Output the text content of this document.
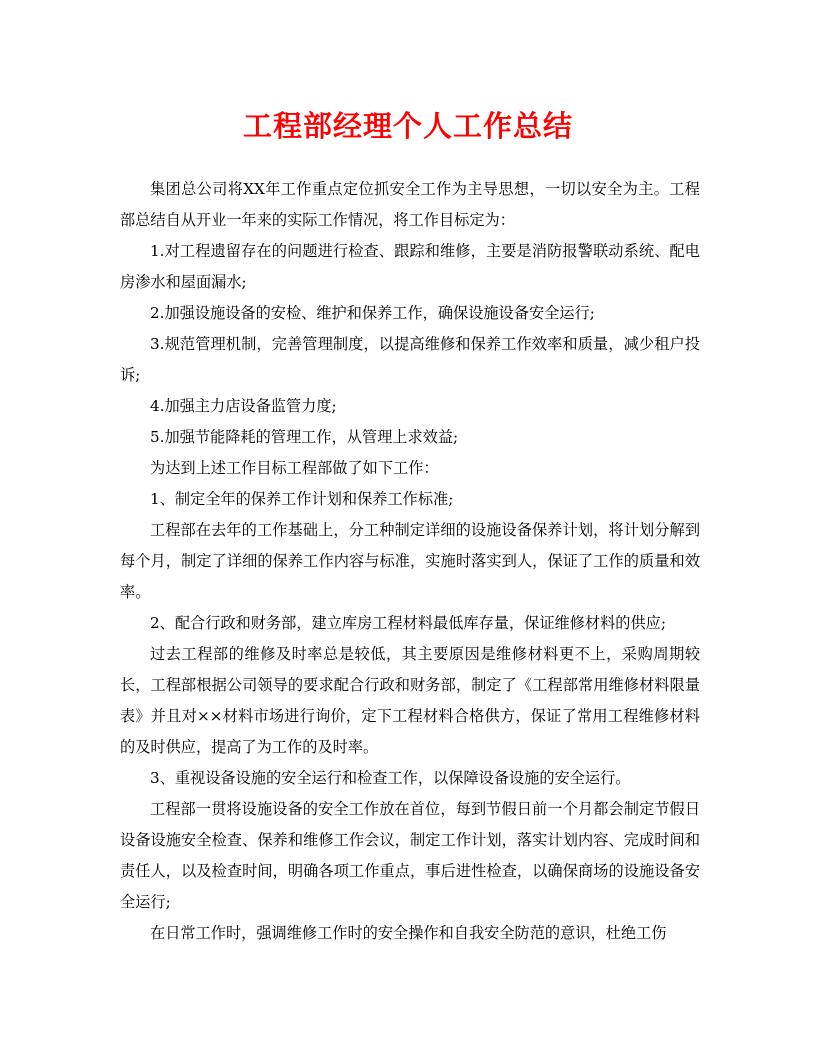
工程部经理个人工作总结

集团总公司将XX年工作重点定位抓安全工作为主导思想，一切以安全为主。工程部总结自从开业一年来的实际工作情况，将工作目标定为：

1.对工程遗留存在的问题进行检查、跟踪和维修，主要是消防报警联动系统、配电房渗水和屋面漏水;

2.加强设施设备的安检、维护和保养工作，确保设施设备安全运行;

3.规范管理机制，完善管理制度，以提高维修和保养工作效率和质量，减少租户投诉;

4.加强主力店设备监管力度;

5.加强节能降耗的管理工作，从管理上求效益;

为达到上述工作目标工程部做了如下工作：

1、制定全年的保养工作计划和保养工作标准;

工程部在去年的工作基础上，分工种制定详细的设施设备保养计划，将计划分解到每个月，制定了详细的保养工作内容与标准，实施时落实到人，保证了工作的质量和效率。

2、配合行政和财务部，建立库房工程材料最低库存量，保证维修材料的供应;

过去工程部的维修及时率总是较低，其主要原因是维修材料更不上，采购周期较长，工程部根据公司领导的要求配合行政和财务部，制定了《工程部常用维修材料限量表》并且对××材料市场进行询价，定下工程材料合格供方，保证了常用工程维修材料的及时供应，提高了为工作的及时率。

3、重视设备设施的安全运行和检查工作，以保障设备设施的安全运行。

工程部一贯将设施设备的安全工作放在首位，每到节假日前一个月都会制定节假日设备设施安全检查、保养和维修工作会议，制定工作计划，落实计划内容、完成时间和责任人，以及检查时间，明确各项工作重点，事后进性检查，以确保商场的设施设备安全运行;

在日常工作时，强调维修工作时的安全操作和自我安全防范的意识，杜绝工伤
